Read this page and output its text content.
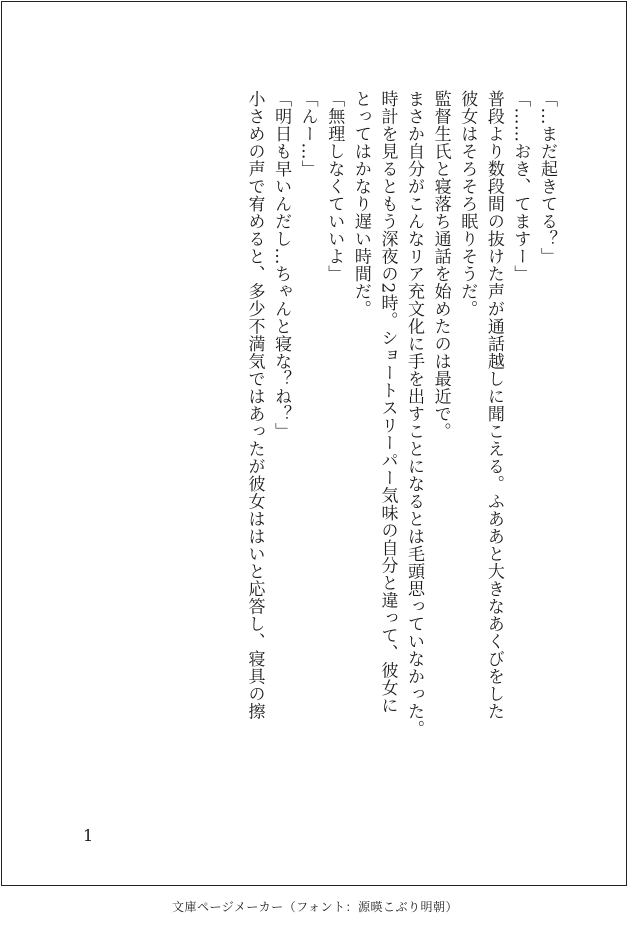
「…まだ起きてる？」
「……おき、てますー」
普段より数段間の抜けた声が通話越しに聞こえる。ふああと大きなあくびをした
彼女はそろそろ眠りそうだ。
監督生氏と寝落ち通話を始めたのは最近で。
まさか自分がこんなリア充文化に手を出すことになるとは毛頭思っていなかった。
時計を見るともう深夜の2時。ショートスリーパー気味の自分と違って、彼女に
とってはかなり遅い時間だ。
「無理しなくていいよ」
「んー…」
「明日も早いんだし…ちゃんと寝な？ね？」
小さめの声で宥めると、多少不満気ではあったが彼女ははいと応答し、寝具の擦
1
文庫ページメーカー（フォント：源暎こぶり明朝）
